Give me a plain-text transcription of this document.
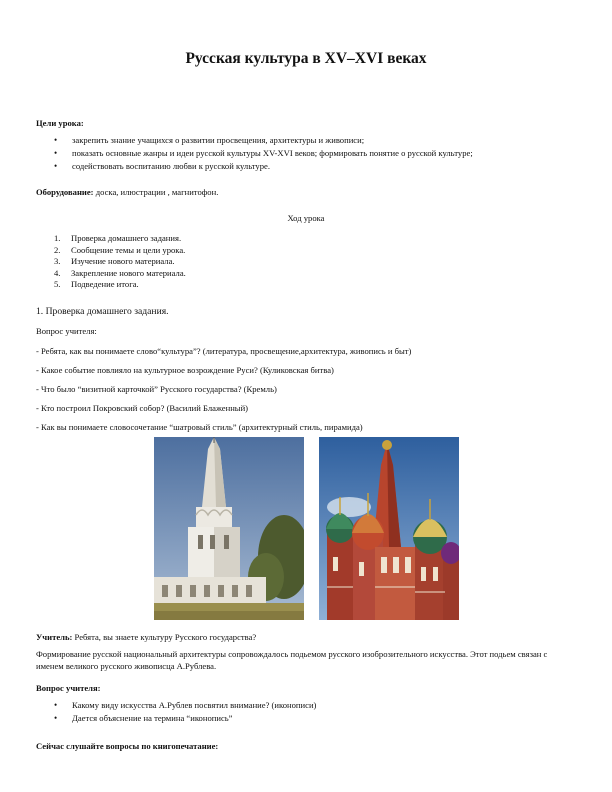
Русская культура в XV–XVI веках
Цели урока:
• закрепить знание учащихся о развитии просвещения, архитектуры и живописи;
• показать основные жанры и идеи русской культуры XV-XVI веков; формировать понятие о русской культуре;
• содействовать воспитанию любви к русской культуре.
Оборудование: доска, илюстрации , магнитофон.
Ход урока
1. Проверка домашнего задания.
2. Сообщение темы и цели урока.
3. Изучение нового материала.
4. Закрепление нового материала.
5. Подведение итога.
1. Проверка домашнего задания.
Вопрос учителя:
- Ребята, как вы понимаете слово“культура”? (литература, просвещение,архитектура, живопись и быт)
- Какое событие повлияло на культурное возрождение Руси? (Куликовская битва)
- Что было “визитной карточкой” Русского государства? (Кремль)
- Кто построил Покровский собор? (Василий Блаженный)
- Как вы понимаете словосочетание “шатровый стиль” (архитектурный стиль, пирамида)
Учитель: Ребята, вы знаете культуру Русского государства?
Формирование русской национальный архитектуры сопровождалось подьемом русского изоброзительного искусства. Этот подьем связан с именем великого русского живописца А.Рублева.
Вопрос учителя:
• Какому виду искусства А.Рублев посвятил внимание? (иконописи)
• Дается объяснение на термина “иконопись”
Сейчас слушайте вопросы по книгопечатание:
